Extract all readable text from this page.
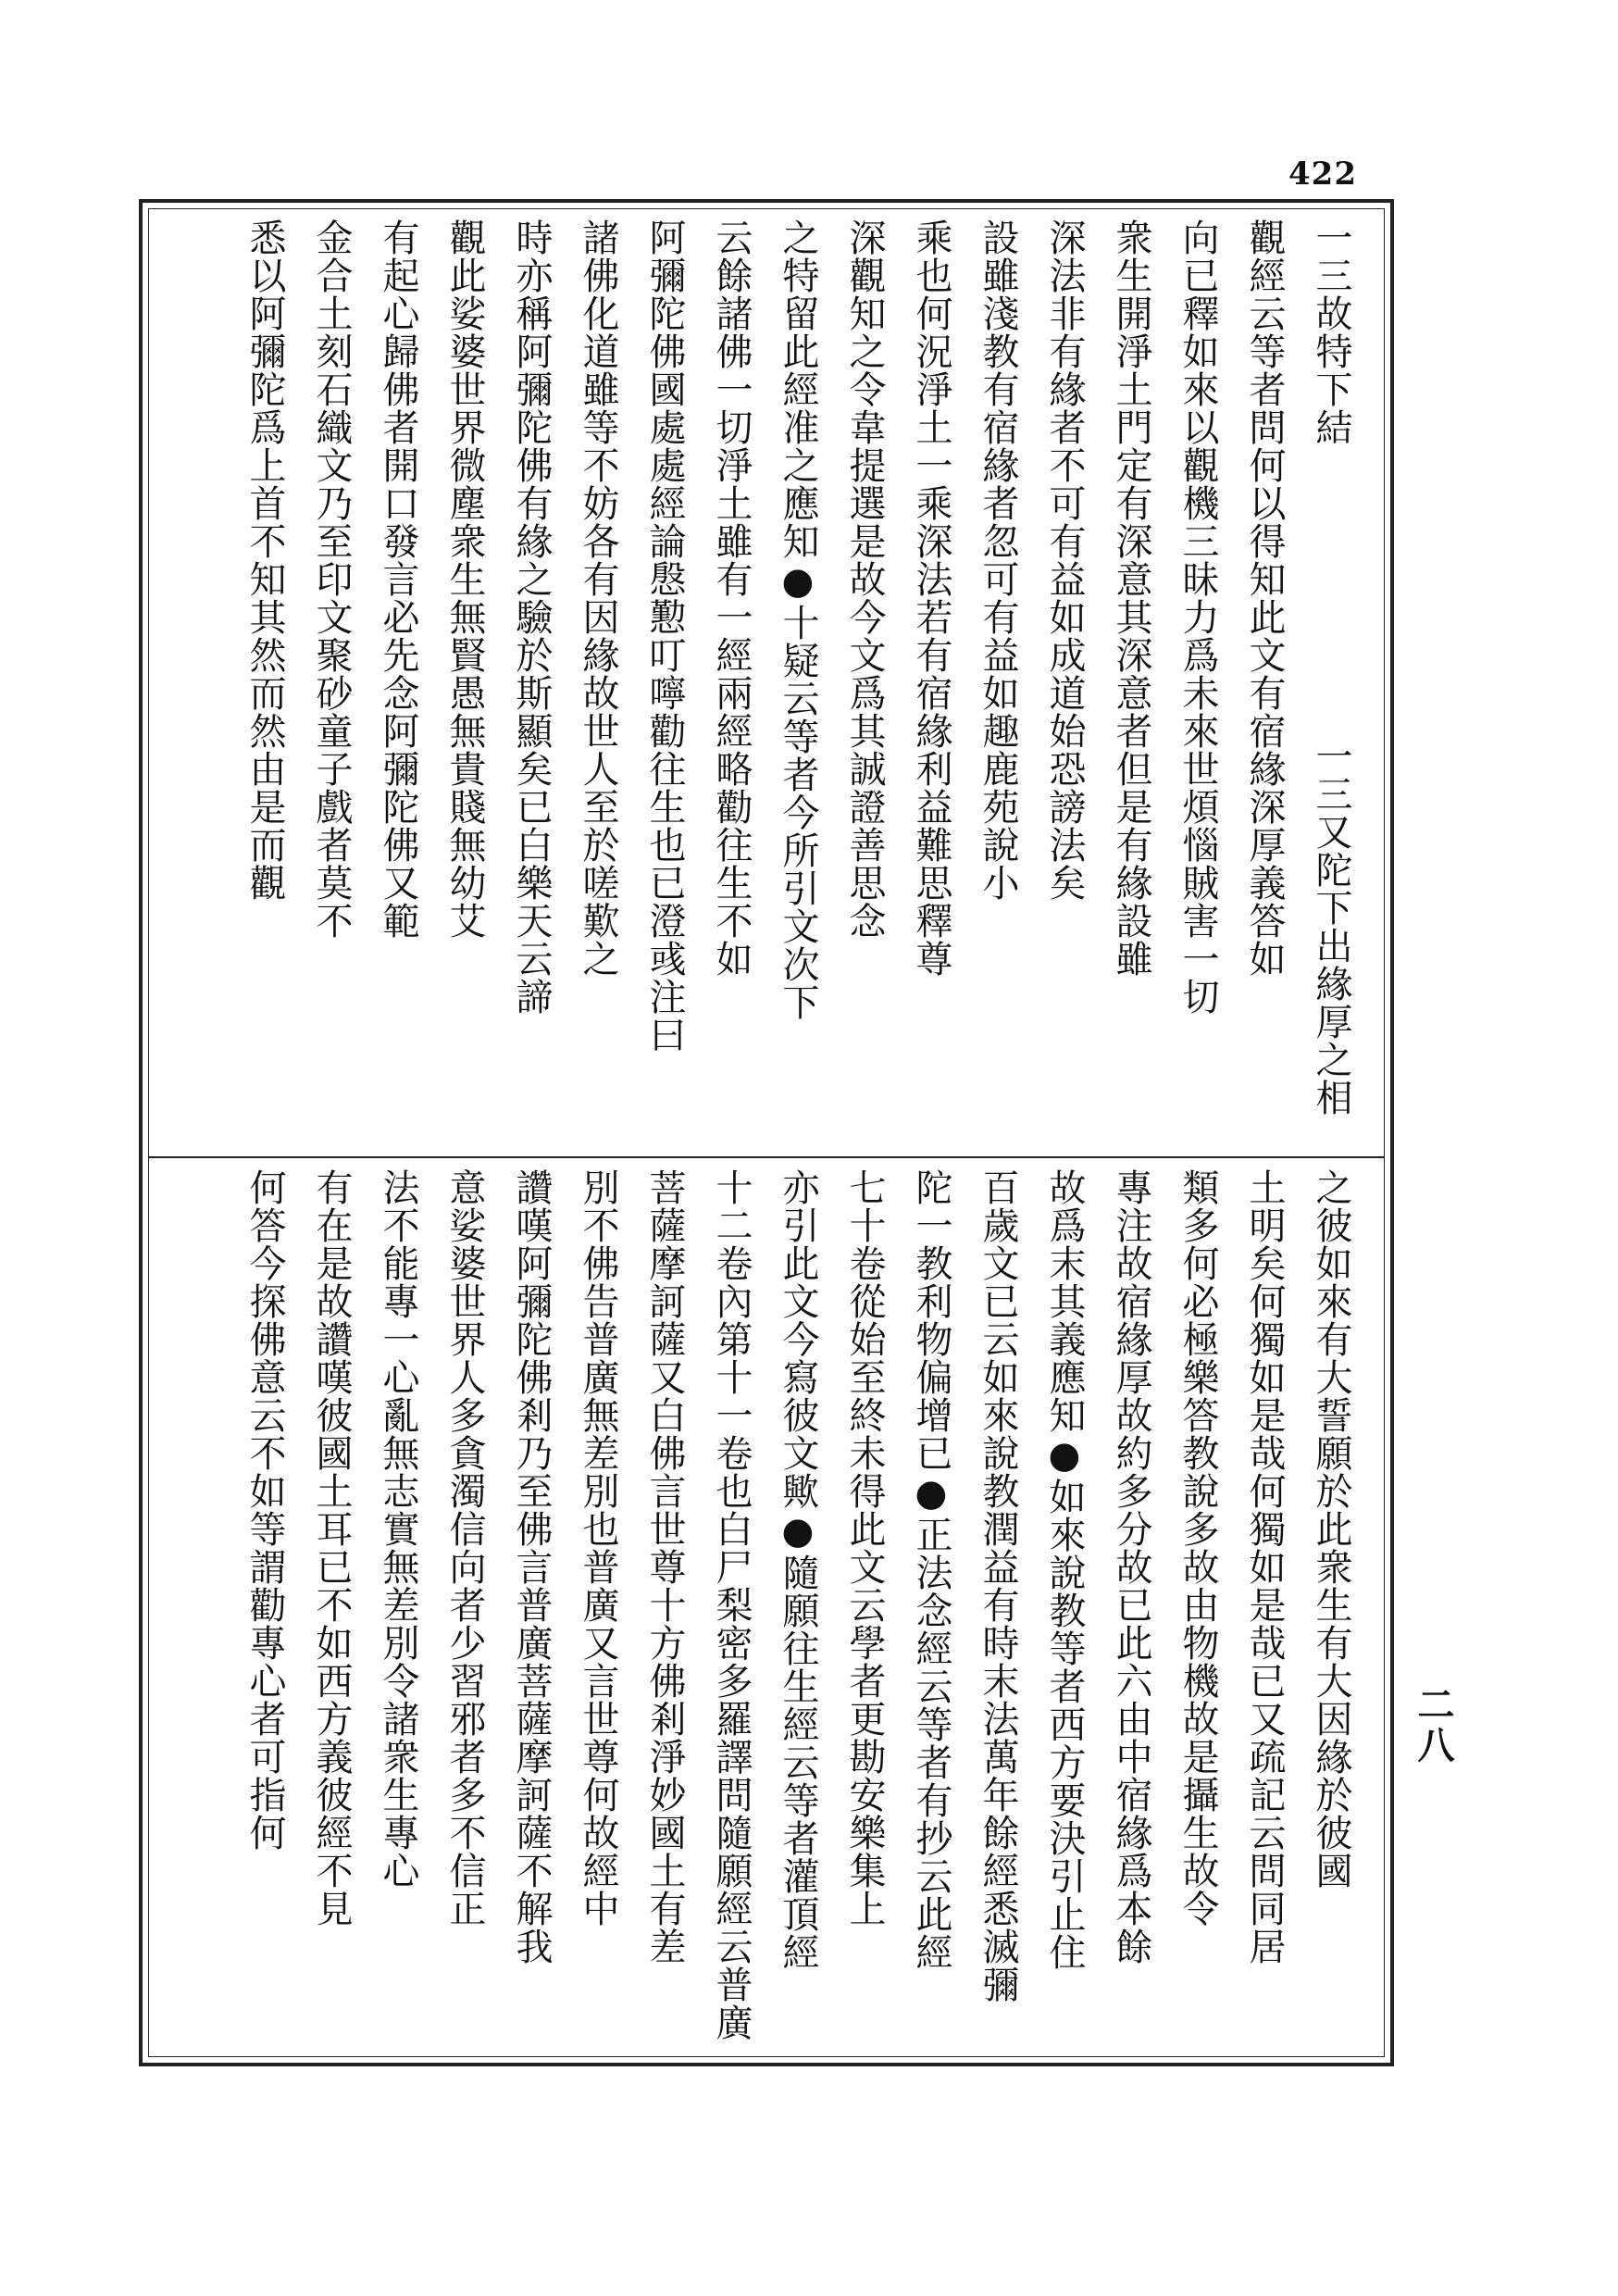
422
二八
一三故特下結
一三又陀下出緣厚之相
觀經云等者問何以得知此文有宿緣深厚義答如
向已釋如來以觀機三昧力爲未來世煩惱賊害一切
衆生開淨土門定有深意其深意者但是有緣設雖
深法非有緣者不可有益如成道始恐謗法矣
設雖淺教有宿緣者忽可有益如趣鹿苑說小
乘也何況淨土一乘深法若有宿緣利益難思釋尊
深觀知之令韋提選是故今文爲其誠證善思念
之特留此經准之應知●十疑云等者今所引文次下
云餘諸佛一切淨土雖有一經兩經略勸往生不如
阿彌陀佛國處處經論慇懃叮嚀勸往生也已澄彧注曰
諸佛化道雖等不妨各有因緣故世人至於嗟歎之
時亦稱阿彌陀佛有緣之驗於斯顯矣已白樂天云諦
觀此娑婆世界微塵衆生無賢愚無貴賤無幼艾
有起心歸佛者開口發言必先念阿彌陀佛又範
金合土刻石織文乃至印文聚砂童子戲者莫不
悉以阿彌陀爲上首不知其然而然由是而觀
之彼如來有大誓願於此衆生有大因緣於彼國
土明矣何獨如是哉何獨如是哉已又疏記云問同居
類多何必極樂答教說多故由物機故是攝生故令
專注故宿緣厚故約多分故已此六由中宿緣爲本餘
故爲末其義應知●如來說教等者西方要決引止住
百歲文已云如來說教潤益有時末法萬年餘經悉滅彌
陀一教利物偏增已●正法念經云等者有抄云此經
七十卷從始至終未得此文云學者更勘安樂集上
亦引此文今寫彼文歟●隨願往生經云等者灌頂經
十二卷內第十一卷也白尸梨密多羅譯問隨願經云普廣
菩薩摩訶薩又白佛言世尊十方佛剎淨妙國土有差
別不佛告普廣無差別也普廣又言世尊何故經中
讚嘆阿彌陀佛剎乃至佛言普廣菩薩摩訶薩不解我
意娑婆世界人多貪濁信向者少習邪者多不信正
法不能專一心亂無志實無差別令諸衆生專心
有在是故讚嘆彼國土耳已不如西方義彼經不見
何答今探佛意云不如等謂勸專心者可指何
